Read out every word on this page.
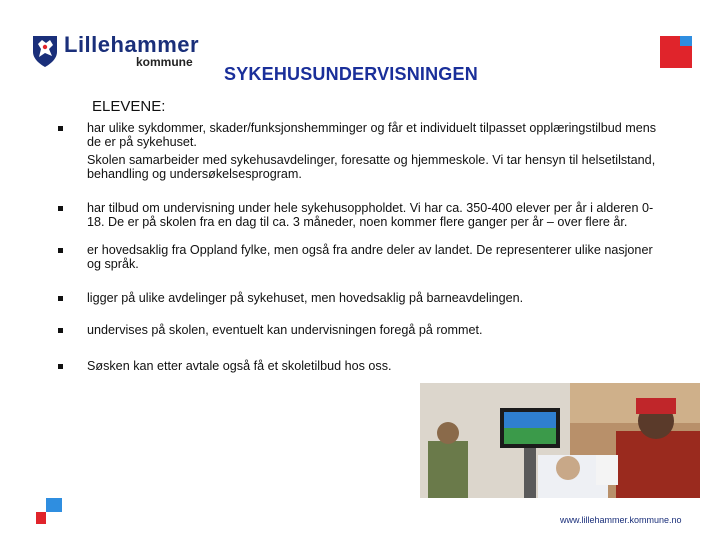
Lillehammer
kommune
SYKEHUSUNDERVISNINGEN
ELEVENE:
har ulike sykdommer, skader/funksjonshemminger og får et individuelt tilpasset opplæringstilbud mens de er på sykehuset.
Skolen samarbeider med sykehusavdelinger, foresatte og hjemmeskole. Vi tar hensyn til helsetilstand, behandling og undersøkelsesprogram.
har tilbud om undervisning under hele sykehusoppholdet. Vi har ca. 350-400 elever per år i alderen 0-18. De er på skolen fra en dag til ca. 3 måneder, noen kommer flere ganger per år – over flere år.
er hovedsaklig fra Oppland fylke, men også fra andre deler av landet. De representerer ulike nasjoner og språk.
ligger på ulike avdelinger på sykehuset, men hovedsaklig på barneavdelingen.
undervises på skolen, eventuelt kan undervisningen foregå på rommet.
Søsken kan etter avtale også få et skoletilbud hos oss.
www.lillehammer.kommune.no
